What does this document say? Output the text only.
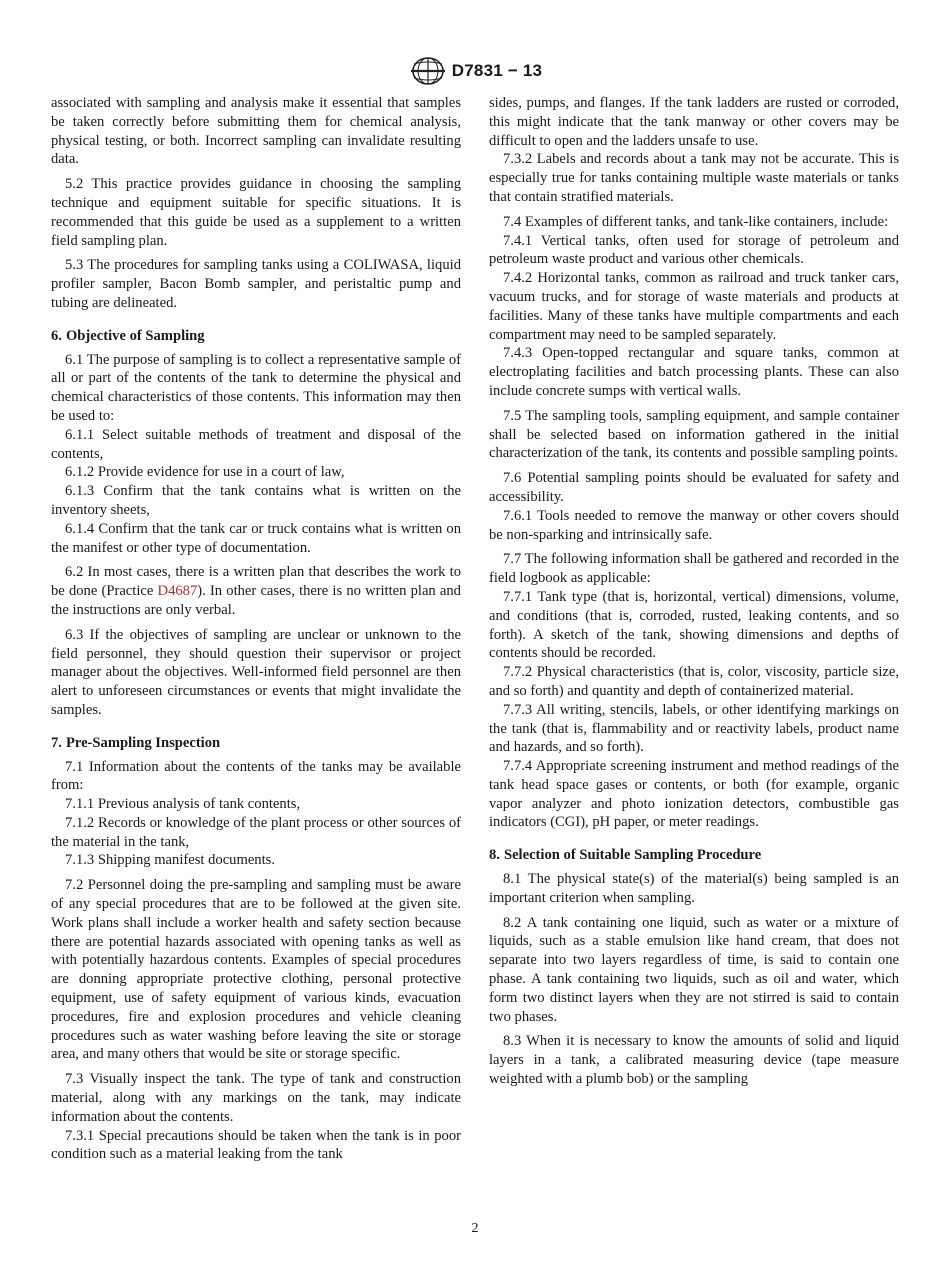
D7831 − 13

associated with sampling and analysis make it essential that samples be taken correctly before submitting them for chemical analysis, physical testing, or both. Incorrect sampling can invalidate resulting data.

5.2 This practice provides guidance in choosing the sampling technique and equipment suitable for specific situations. It is recommended that this guide be used as a supplement to a written field sampling plan.

5.3 The procedures for sampling tanks using a COLIWASA, liquid profiler sampler, Bacon Bomb sampler, and peristaltic pump and tubing are delineated.

6. Objective of Sampling

6.1 The purpose of sampling is to collect a representative sample of all or part of the contents of the tank to determine the physical and chemical characteristics of those contents. This information may then be used to:

6.1.1 Select suitable methods of treatment and disposal of the contents,

6.1.2 Provide evidence for use in a court of law,

6.1.3 Confirm that the tank contains what is written on the inventory sheets,

6.1.4 Confirm that the tank car or truck contains what is written on the manifest or other type of documentation.

6.2 In most cases, there is a written plan that describes the work to be done (Practice D4687). In other cases, there is no written plan and the instructions are only verbal.

6.3 If the objectives of sampling are unclear or unknown to the field personnel, they should question their supervisor or project manager about the objectives. Well-informed field personnel are then alert to unforeseen circumstances or events that might invalidate the samples.

7. Pre-Sampling Inspection

7.1 Information about the contents of the tanks may be available from:

7.1.1 Previous analysis of tank contents,

7.1.2 Records or knowledge of the plant process or other sources of the material in the tank,

7.1.3 Shipping manifest documents.

7.2 Personnel doing the pre-sampling and sampling must be aware of any special procedures that are to be followed at the given site. Work plans shall include a worker health and safety section because there are potential hazards associated with opening tanks as well as with potentially hazardous contents. Examples of special procedures are donning appropriate protective clothing, personal protective equipment, use of safety equipment of various kinds, evacuation procedures, fire and explosion procedures and vehicle cleaning procedures such as water washing before leaving the site or storage area, and many others that would be site or storage specific.

7.3 Visually inspect the tank. The type of tank and construction material, along with any markings on the tank, may indicate information about the contents.

7.3.1 Special precautions should be taken when the tank is in poor condition such as a material leaking from the tank

sides, pumps, and flanges. If the tank ladders are rusted or corroded, this might indicate that the tank manway or other covers may be difficult to open and the ladders unsafe to use.

7.3.2 Labels and records about a tank may not be accurate. This is especially true for tanks containing multiple waste materials or tanks that contain stratified materials.

7.4 Examples of different tanks, and tank-like containers, include:

7.4.1 Vertical tanks, often used for storage of petroleum and petroleum waste product and various other chemicals.

7.4.2 Horizontal tanks, common as railroad and truck tanker cars, vacuum trucks, and for storage of waste materials and products at facilities. Many of these tanks have multiple compartments and each compartment may need to be sampled separately.

7.4.3 Open-topped rectangular and square tanks, common at electroplating facilities and batch processing plants. These can also include concrete sumps with vertical walls.

7.5 The sampling tools, sampling equipment, and sample container shall be selected based on information gathered in the initial characterization of the tank, its contents and possible sampling points.

7.6 Potential sampling points should be evaluated for safety and accessibility.

7.6.1 Tools needed to remove the manway or other covers should be non-sparking and intrinsically safe.

7.7 The following information shall be gathered and recorded in the field logbook as applicable:

7.7.1 Tank type (that is, horizontal, vertical) dimensions, volume, and conditions (that is, corroded, rusted, leaking contents, and so forth). A sketch of the tank, showing dimensions and depths of contents should be recorded.

7.7.2 Physical characteristics (that is, color, viscosity, particle size, and so forth) and quantity and depth of containerized material.

7.7.3 All writing, stencils, labels, or other identifying markings on the tank (that is, flammability and or reactivity labels, product name and hazards, and so forth).

7.7.4 Appropriate screening instrument and method readings of the tank head space gases or contents, or both (for example, organic vapor analyzer and photo ionization detectors, combustible gas indicators (CGI), pH paper, or meter readings.

8. Selection of Suitable Sampling Procedure

8.1 The physical state(s) of the material(s) being sampled is an important criterion when sampling.

8.2 A tank containing one liquid, such as water or a mixture of liquids, such as a stable emulsion like hand cream, that does not separate into two layers regardless of time, is said to contain one phase. A tank containing two liquids, such as oil and water, which form two distinct layers when they are not stirred is said to contain two phases.

8.3 When it is necessary to know the amounts of solid and liquid layers in a tank, a calibrated measuring device (tape measure weighted with a plumb bob) or the sampling

2
